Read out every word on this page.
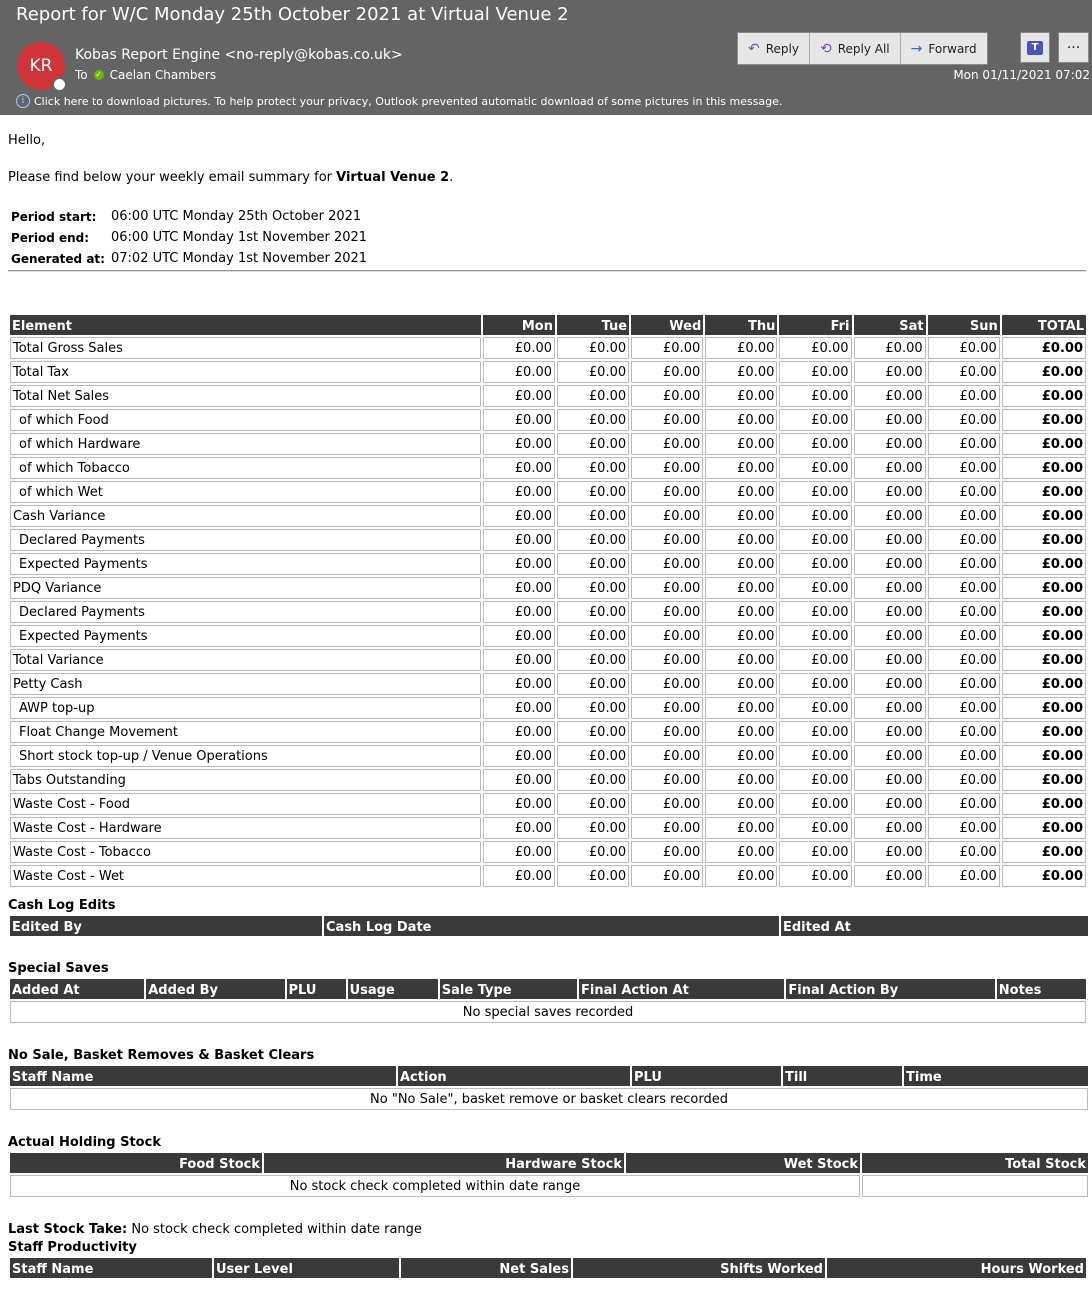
Report for W/C Monday 25th October 2021 at Virtual Venue 2
KR
Kobas Report Engine <no-reply@kobas.co.uk>
To ✓ Caelan Chambers
i Click here to download pictures. To help protect your privacy, Outlook prevented automatic download of some pictures in this message.
↶ Reply ⟲ Reply All → Forward	T	···
Mon 01/11/2021 07:02
Hello,
Please find below your weekly email summary for Virtual Venue 2.
Period start:	06:00 UTC Monday 25th October 2021
Period end:	06:00 UTC Monday 1st November 2021
Generated at:	07:02 UTC Monday 1st November 2021
Element	Mon	Tue	Wed	Thu	Fri	Sat	Sun	TOTAL
Total Gross Sales	£0.00	£0.00	£0.00	£0.00	£0.00	£0.00	£0.00	£0.00
Total Tax	£0.00	£0.00	£0.00	£0.00	£0.00	£0.00	£0.00	£0.00
Total Net Sales	£0.00	£0.00	£0.00	£0.00	£0.00	£0.00	£0.00	£0.00
of which Food	£0.00	£0.00	£0.00	£0.00	£0.00	£0.00	£0.00	£0.00
of which Hardware	£0.00	£0.00	£0.00	£0.00	£0.00	£0.00	£0.00	£0.00
of which Tobacco	£0.00	£0.00	£0.00	£0.00	£0.00	£0.00	£0.00	£0.00
of which Wet	£0.00	£0.00	£0.00	£0.00	£0.00	£0.00	£0.00	£0.00
Cash Variance	£0.00	£0.00	£0.00	£0.00	£0.00	£0.00	£0.00	£0.00
Declared Payments	£0.00	£0.00	£0.00	£0.00	£0.00	£0.00	£0.00	£0.00
Expected Payments	£0.00	£0.00	£0.00	£0.00	£0.00	£0.00	£0.00	£0.00
PDQ Variance	£0.00	£0.00	£0.00	£0.00	£0.00	£0.00	£0.00	£0.00
Declared Payments	£0.00	£0.00	£0.00	£0.00	£0.00	£0.00	£0.00	£0.00
Expected Payments	£0.00	£0.00	£0.00	£0.00	£0.00	£0.00	£0.00	£0.00
Total Variance	£0.00	£0.00	£0.00	£0.00	£0.00	£0.00	£0.00	£0.00
Petty Cash	£0.00	£0.00	£0.00	£0.00	£0.00	£0.00	£0.00	£0.00
AWP top-up	£0.00	£0.00	£0.00	£0.00	£0.00	£0.00	£0.00	£0.00
Float Change Movement	£0.00	£0.00	£0.00	£0.00	£0.00	£0.00	£0.00	£0.00
Short stock top-up / Venue Operations	£0.00	£0.00	£0.00	£0.00	£0.00	£0.00	£0.00	£0.00
Tabs Outstanding	£0.00	£0.00	£0.00	£0.00	£0.00	£0.00	£0.00	£0.00
Waste Cost - Food	£0.00	£0.00	£0.00	£0.00	£0.00	£0.00	£0.00	£0.00
Waste Cost - Hardware	£0.00	£0.00	£0.00	£0.00	£0.00	£0.00	£0.00	£0.00
Waste Cost - Tobacco	£0.00	£0.00	£0.00	£0.00	£0.00	£0.00	£0.00	£0.00
Waste Cost - Wet	£0.00	£0.00	£0.00	£0.00	£0.00	£0.00	£0.00	£0.00
Cash Log Edits
Edited By	Cash Log Date	Edited At
Special Saves
Added At	Added By	PLU	Usage	Sale Type	Final Action At	Final Action By	Notes
No special saves recorded
No Sale, Basket Removes & Basket Clears
Staff Name	Action	PLU	Till	Time
No "No Sale", basket remove or basket clears recorded
Actual Holding Stock
Food Stock	Hardware Stock	Wet Stock	Total Stock
No stock check completed within date range			
Last Stock Take: No stock check completed within date range
Staff Productivity
Staff Name	User Level	Net Sales	Shifts Worked	Hours Worked
